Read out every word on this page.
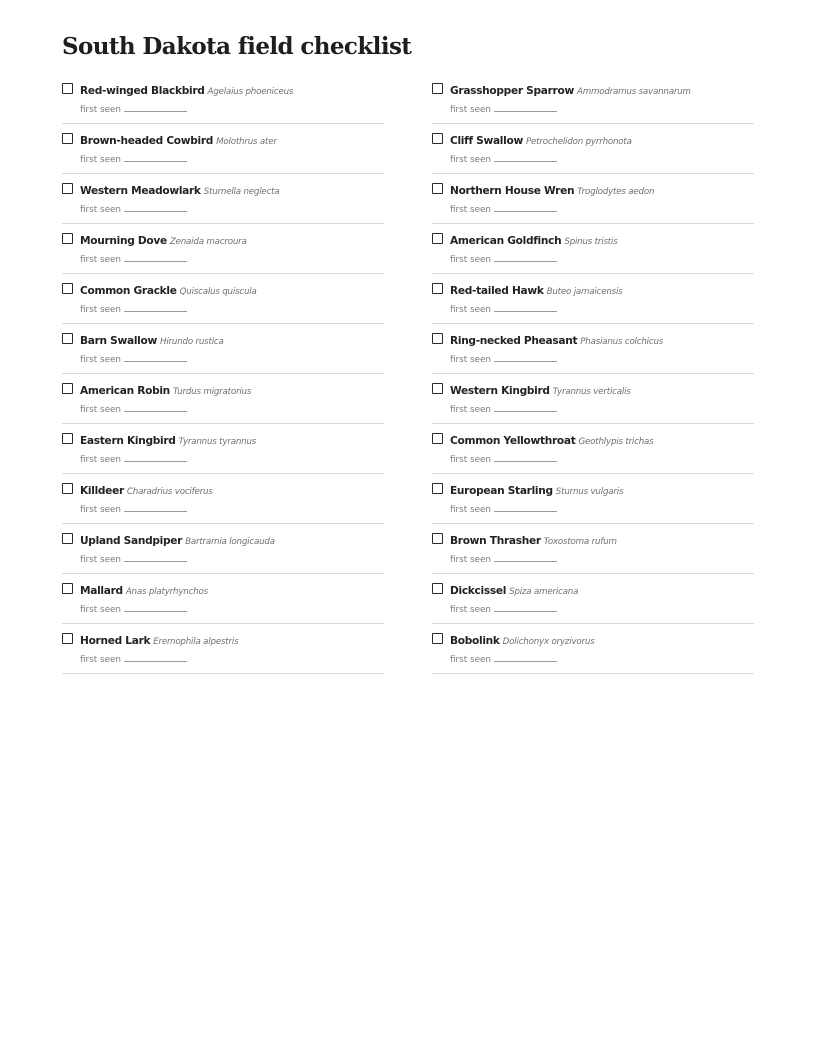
South Dakota field checklist
Red-winged Blackbird Agelaius phoeniceus
first seen
Brown-headed Cowbird Molothrus ater
first seen
Western Meadowlark Sturnella neglecta
first seen
Mourning Dove Zenaida macroura
first seen
Common Grackle Quiscalus quiscula
first seen
Barn Swallow Hirundo rustica
first seen
American Robin Turdus migratorius
first seen
Eastern Kingbird Tyrannus tyrannus
first seen
Killdeer Charadrius vociferus
first seen
Upland Sandpiper Bartramia longicauda
first seen
Mallard Anas platyrhynchos
first seen
Horned Lark Eremophila alpestris
first seen
Grasshopper Sparrow Ammodramus savannarum
first seen
Cliff Swallow Petrochelidon pyrrhonota
first seen
Northern House Wren Troglodytes aedon
first seen
American Goldfinch Spinus tristis
first seen
Red-tailed Hawk Buteo jamaicensis
first seen
Ring-necked Pheasant Phasianus colchicus
first seen
Western Kingbird Tyrannus verticalis
first seen
Common Yellowthroat Geothlypis trichas
first seen
European Starling Sturnus vulgaris
first seen
Brown Thrasher Toxostoma rufum
first seen
Dickcissel Spiza americana
first seen
Bobolink Dolichonyx oryzivorus
first seen
